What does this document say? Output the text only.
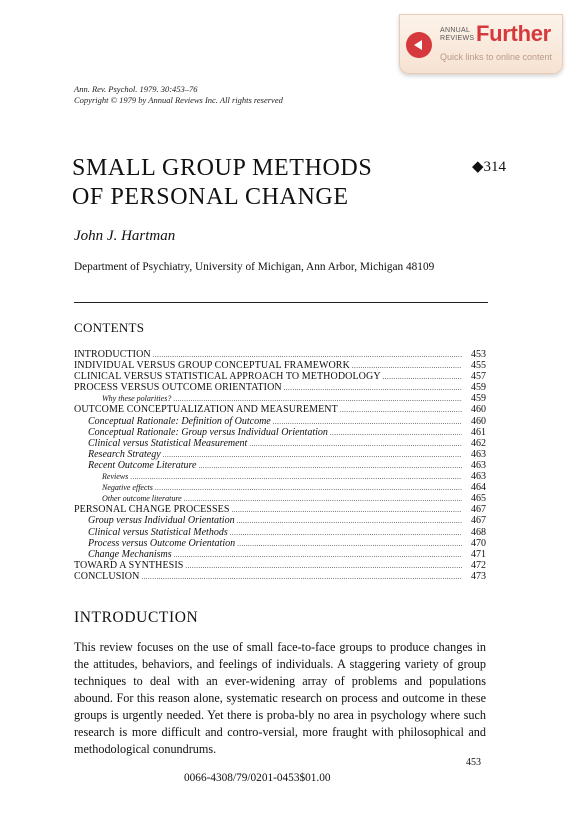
ANNUAL
REVIEWS Further
Quick links to online content
Ann. Rev. Psychol. 1979. 30:453–76
Copyright © 1979 by Annual Reviews Inc. All rights reserved
SMALL GROUP METHODS
OF PERSONAL CHANGE
◆314
John J. Hartman
Department of Psychiatry, University of Michigan, Ann Arbor, Michigan 48109
CONTENTS
INTRODUCTION .....	453
INDIVIDUAL VERSUS GROUP CONCEPTUAL FRAMEWORK .....	455
CLINICAL VERSUS STATISTICAL APPROACH TO METHODOLOGY .....	457
PROCESS VERSUS OUTCOME ORIENTATION .....	459
Why these polarities? .....	459
OUTCOME CONCEPTUALIZATION AND MEASUREMENT .....	460
Conceptual Rationale: Definition of Outcome .....	460
Conceptual Rationale: Group versus Individual Orientation .....	461
Clinical versus Statistical Measurement .....	462
Research Strategy .....	463
Recent Outcome Literature .....	463
Reviews .....	463
Negative effects .....	464
Other outcome literature .....	465
PERSONAL CHANGE PROCESSES .....	467
Group versus Individual Orientation .....	467
Clinical versus Statistical Methods .....	468
Process versus Outcome Orientation .....	470
Change Mechanisms .....	471
TOWARD A SYNTHESIS .....	472
CONCLUSION .....	473
INTRODUCTION
This review focuses on the use of small face-to-face groups to produce changes in the attitudes, behaviors, and feelings of individuals. A staggering variety of group techniques to deal with an ever-widening array of problems and populations abound. For this reason alone, systematic research on process and outcome in these groups is urgently needed. Yet there is proba-bly no area in psychology where such research is more difficult and contro-versial, more fraught with philosophical and methodological conundrums.
453
0066-4308/79/0201-0453$01.00
